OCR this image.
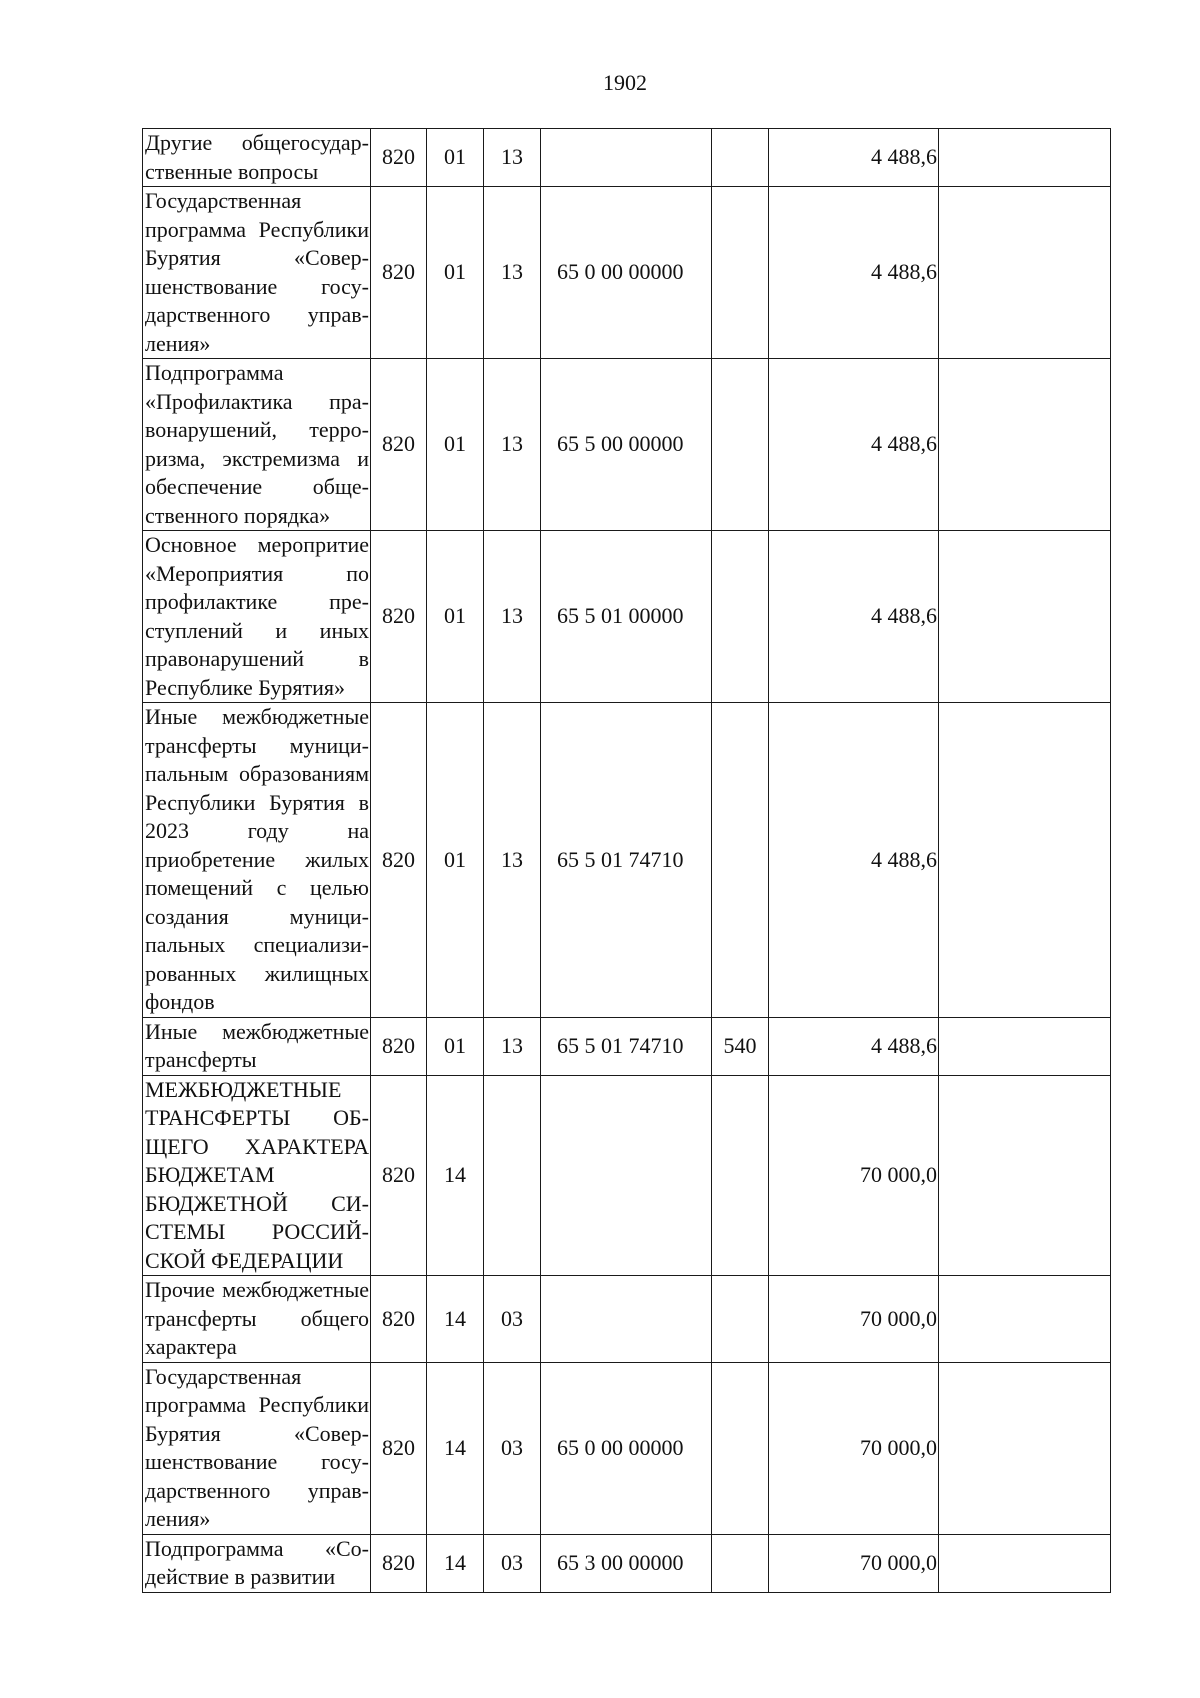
1902
Другие общегосударственные вопросы	820	01	13			4 488,6	
Государственная программа Республики Бурятия «Совершенствование государственного управления»	820	01	13	65 0 00 00000		4 488,6	
Подпрограмма «Профилактика правонарушений, терроризма, экстремизма и обеспечение общественного порядка»	820	01	13	65 5 00 00000		4 488,6	
Основное меропритие «Мероприятия по профилактике преступлений и иных правонарушений в Республике Бурятия»	820	01	13	65 5 01 00000		4 488,6	
Иные межбюджетные трансферты муниципальным образованиям Республики Бурятия в 2023 году на приобретение жилых помещений с целью создания муниципальных специализированных жилищных фондов	820	01	13	65 5 01 74710		4 488,6	
Иные межбюджетные трансферты	820	01	13	65 5 01 74710	540	4 488,6	
МЕЖБЮДЖЕТНЫЕ ТРАНСФЕРТЫ ОБЩЕГО ХАРАКТЕРА БЮДЖЕТАМ БЮДЖЕТНОЙ СИСТЕМЫ РОССИЙСКОЙ ФЕДЕРАЦИИ	820	14				70 000,0	
Прочие межбюджетные трансферты общего характера	820	14	03			70 000,0	
Государственная программа Республики Бурятия «Совершенствование государственного управления»	820	14	03	65 0 00 00000		70 000,0	
Подпрограмма «Содействие в развитии	820	14	03	65 3 00 00000		70 000,0	
